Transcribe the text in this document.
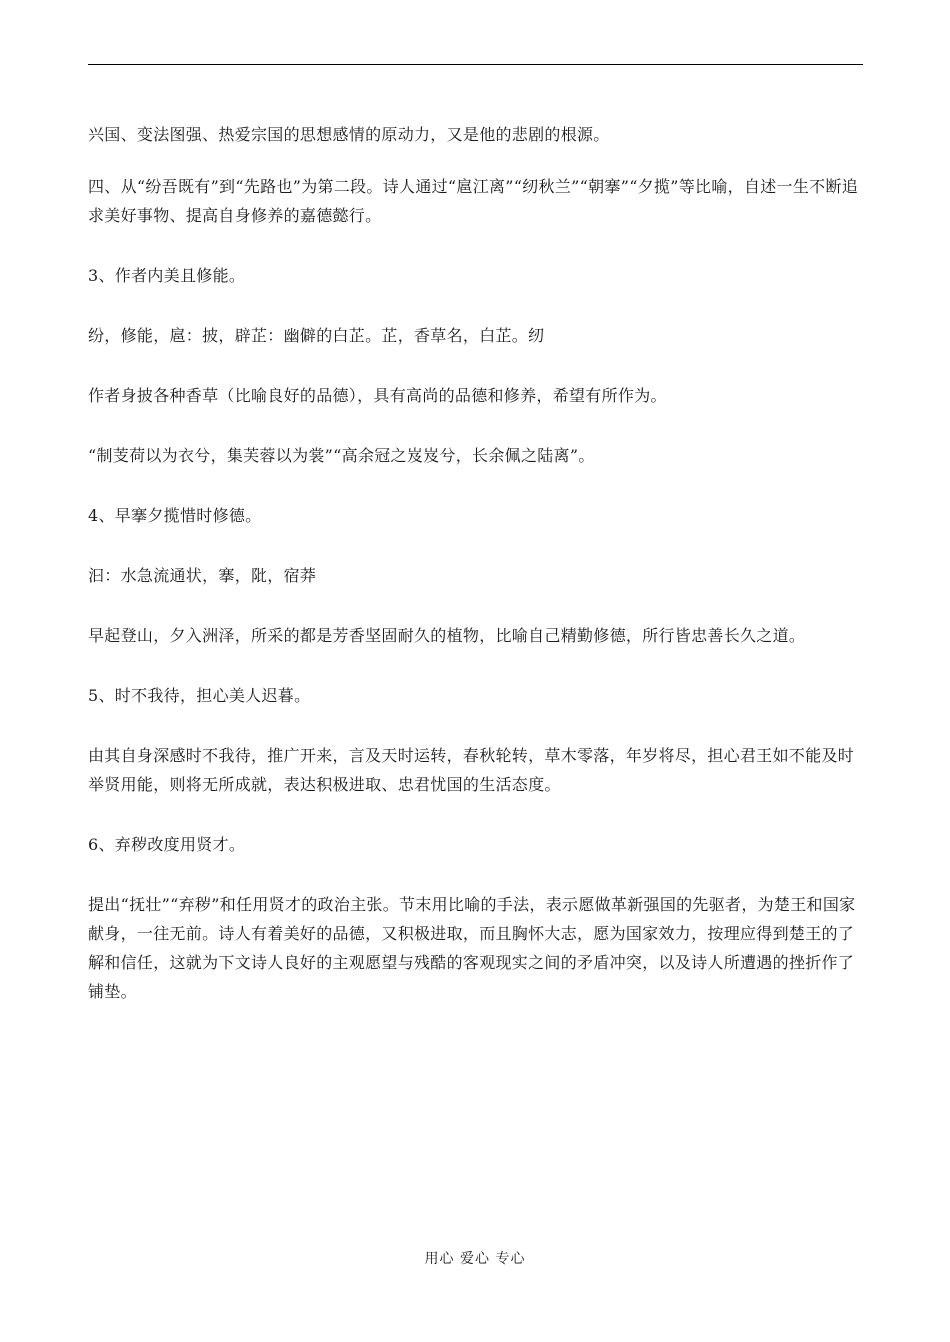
兴国、变法图强、热爱宗国的思想感情的原动力，又是他的悲剧的根源。

四、从“纷吾既有”到“先路也”为第二段。诗人通过“扈江离”“纫秋兰”“朝搴”“夕揽”等比喻，自述一生不断追求美好事物、提高自身修养的嘉德懿行。

3、作者内美且修能。

纷，修能，扈：披，辟芷：幽僻的白芷。芷，香草名，白芷。纫

作者身披各种香草（比喻良好的品德），具有高尚的品德和修养，希望有所作为。

“制芰荷以为衣兮，集芙蓉以为裳”“高余冠之岌岌兮，长余佩之陆离”。

4、早搴夕揽惜时修德。

汩：水急流通状，搴，阰，宿莽

早起登山，夕入洲泽，所采的都是芳香坚固耐久的植物，比喻自己精勤修德，所行皆忠善长久之道。

5、时不我待，担心美人迟暮。

由其自身深感时不我待，推广开来，言及天时运转，春秋轮转，草木零落，年岁将尽，担心君王如不能及时举贤用能，则将无所成就，表达积极进取、忠君忧国的生活态度。

6、弃秽改度用贤才。

提出“抚壮”“弃秽”和任用贤才的政治主张。节末用比喻的手法，表示愿做革新强国的先驱者，为楚王和国家献身，一往无前。诗人有着美好的品德，又积极进取，而且胸怀大志，愿为国家效力，按理应得到楚王的了解和信任，这就为下文诗人良好的主观愿望与残酷的客观现实之间的矛盾冲突，以及诗人所遭遇的挫折作了铺垫。

用心 爱心 专心
